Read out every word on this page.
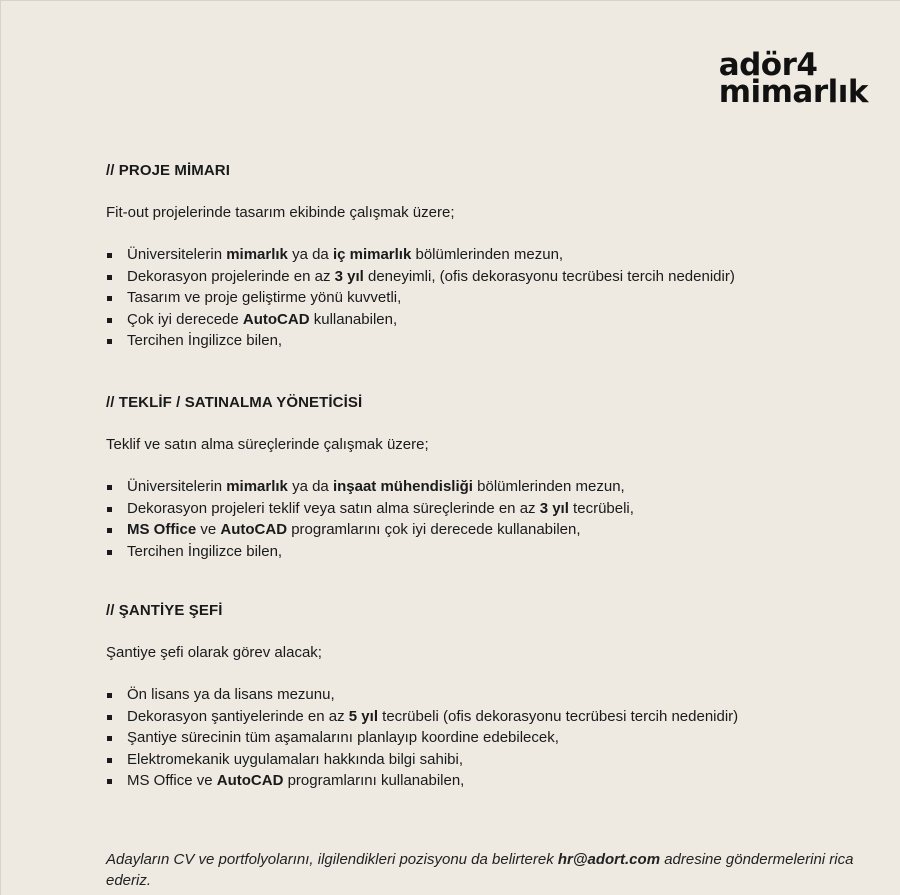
adör4
mimarlık
// PROJE MİMARI

Fit-out projelerinde tasarım ekibinde çalışmak üzere;

Üniversitelerin mimarlık ya da iç mimarlık bölümlerinden mezun,
Dekorasyon projelerinde en az 3 yıl deneyimli, (ofis dekorasyonu tecrübesi tercih nedenidir)
Tasarım ve proje geliştirme yönü kuvvetli,
Çok iyi derecede AutoCAD kullanabilen,
Tercihen İngilizce bilen,
// TEKLİF / SATINALMA YÖNETİCİSİ

Teklif ve satın alma süreçlerinde çalışmak üzere;

Üniversitelerin mimarlık ya da inşaat mühendisliği bölümlerinden mezun,
Dekorasyon projeleri teklif veya satın alma süreçlerinde en az 3 yıl tecrübeli,
MS Office ve AutoCAD programlarını çok iyi derecede kullanabilen,
Tercihen İngilizce bilen,
// ŞANTİYE ŞEFİ

Şantiye şefi olarak görev alacak;

Ön lisans ya da lisans mezunu,
Dekorasyon şantiyelerinde en az 5 yıl tecrübeli (ofis dekorasyonu tecrübesi tercih nedenidir)
Şantiye sürecinin tüm aşamalarını planlayıp koordine edebilecek,
Elektromekanik uygulamaları hakkında bilgi sahibi,
MS Office ve AutoCAD programlarını kullanabilen,

Adayların CV ve portfolyolarını, ilgilendikleri pozisyonu da belirterek hr@adort.com adresine göndermelerini rica ederiz.
